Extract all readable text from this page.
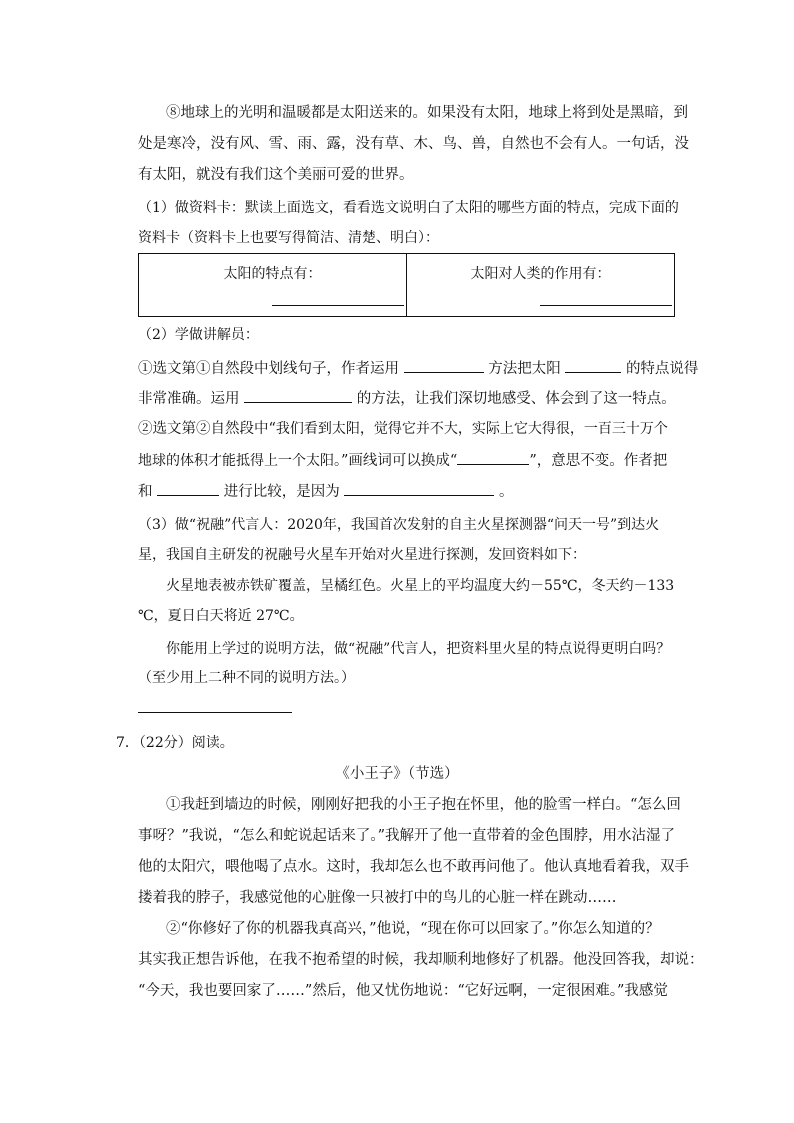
⑧地球上的光明和温暖都是太阳送来的。如果没有太阳，地球上将到处是黑暗，到
处是寒冷，没有风、雪、雨、露，没有草、木、鸟、兽，自然也不会有人。一句话，没
有太阳，就没有我们这个美丽可爱的世界。
（1）做资料卡：默读上面选文，看看选文说明白了太阳的哪些方面的特点，完成下面的
资料卡（资料卡上也要写得简洁、清楚、明白）：
太阳的特点有：	太阳对人类的作用有：
（2）学做讲解员：
①选文第①自然段中划线句子，作者运用	方法把太阳	的特点说得
非常准确。运用	的方法，让我们深切地感受、体会到了这一特点。
②选文第②自然段中“我们看到太阳，觉得它并不大，实际上它大得很，一百三十万个
地球的体积才能抵得上一个太阳。”画线词可以换成“	”，意思不变。作者把
和	进行比较，是因为	。
（3）做“祝融”代言人：2020年，我国首次发射的自主火星探测器“问天一号”到达火
星，我国自主研发的祝融号火星车开始对火星进行探测，发回资料如下：
火星地表被赤铁矿覆盖，呈橘红色。火星上的平均温度大约－55℃，冬天约－133
℃，夏日白天将近 27℃。
你能用上学过的说明方法，做“祝融”代言人，把资料里火星的特点说得更明白吗？
（至少用上二种不同的说明方法。）
7．（22分）阅读。
《小王子》（节选）
①我赶到墙边的时候，刚刚好把我的小王子抱在怀里，他的脸雪一样白。“怎么回
事呀？”我说，“怎么和蛇说起话来了。”我解开了他一直带着的金色围脖，用水沾湿了
他的太阳穴，喂他喝了点水。这时，我却怎么也不敢再问他了。他认真地看着我，双手
搂着我的脖子，我感觉他的心脏像一只被打中的鸟儿的心脏一样在跳动……
②“你修好了你的机器我真高兴，”他说，“现在你可以回家了。”你怎么知道的？
其实我正想告诉他，在我不抱希望的时候，我却顺利地修好了机器。他没回答我，却说：
“今天，我也要回家了……”然后，他又忧伤地说：“它好远啊，一定很困难。”我感觉
